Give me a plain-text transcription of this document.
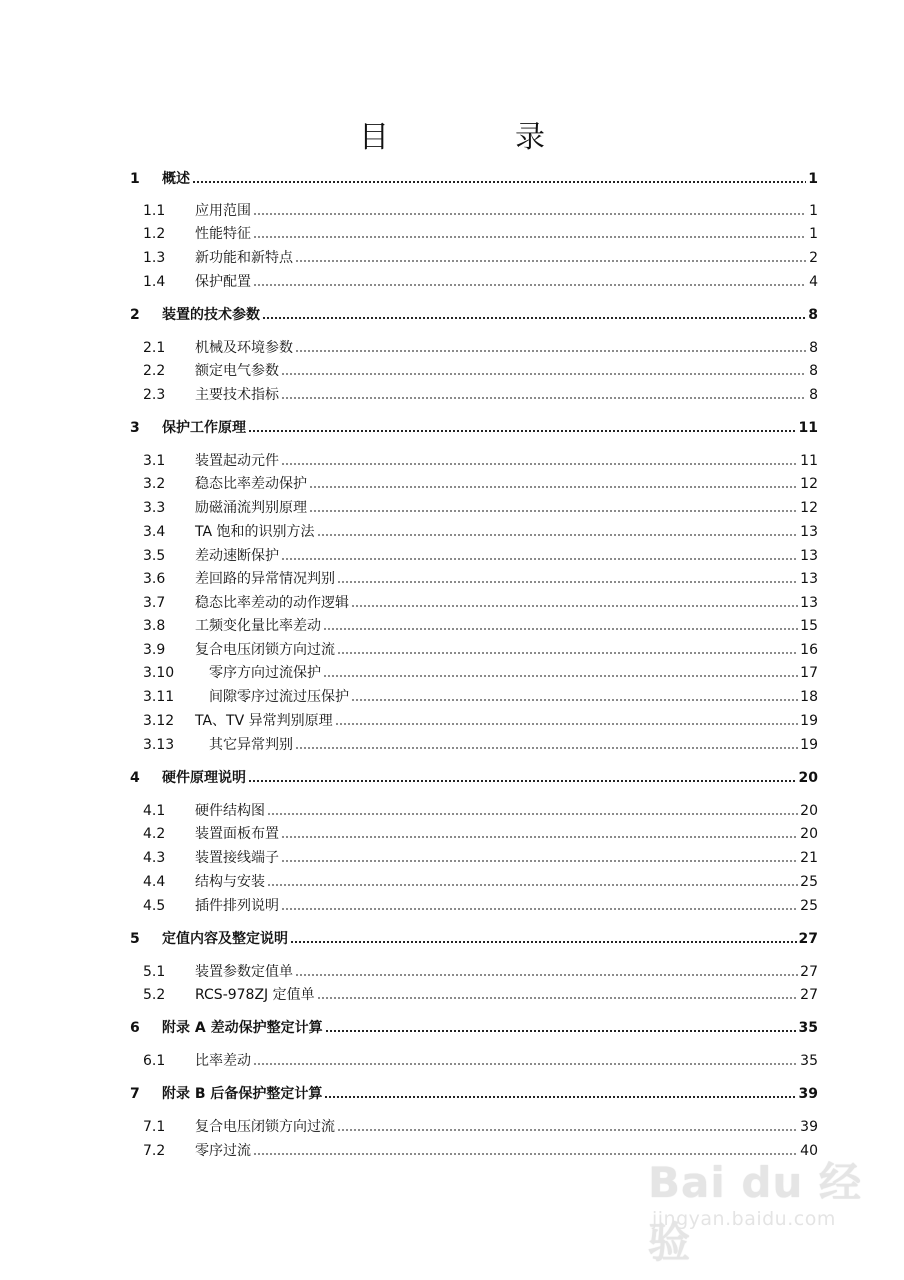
目　录
1	概述	1
1.1	应用范围	1
1.2	性能特征	1
1.3	新功能和新特点	2
1.4	保护配置	4
2	装置的技术参数	8
2.1	机械及环境参数	8
2.2	额定电气参数	8
2.3	主要技术指标	8
3	保护工作原理	11
3.1	装置起动元件	11
3.2	稳态比率差动保护	12
3.3	励磁涌流判别原理	12
3.4	TA 饱和的识别方法	13
3.5	差动速断保护	13
3.6	差回路的异常情况判别	13
3.7	稳态比率差动的动作逻辑	13
3.8	工频变化量比率差动	15
3.9	复合电压闭锁方向过流	16
3.10	零序方向过流保护	17
3.11	间隙零序过流过压保护	18
3.12	TA、TV 异常判别原理	19
3.13	其它异常判别	19
4	硬件原理说明	20
4.1	硬件结构图	20
4.2	装置面板布置	20
4.3	装置接线端子	21
4.4	结构与安装	25
4.5	插件排列说明	25
5	定值内容及整定说明	27
5.1	装置参数定值单	27
5.2	RCS-978ZJ 定值单	27
6	附录 A 差动保护整定计算	35
6.1	比率差动	35
7	附录 B 后备保护整定计算	39
7.1	复合电压闭锁方向过流	39
7.2	零序过流	40
Bai du 经验
jingyan.baidu.com
